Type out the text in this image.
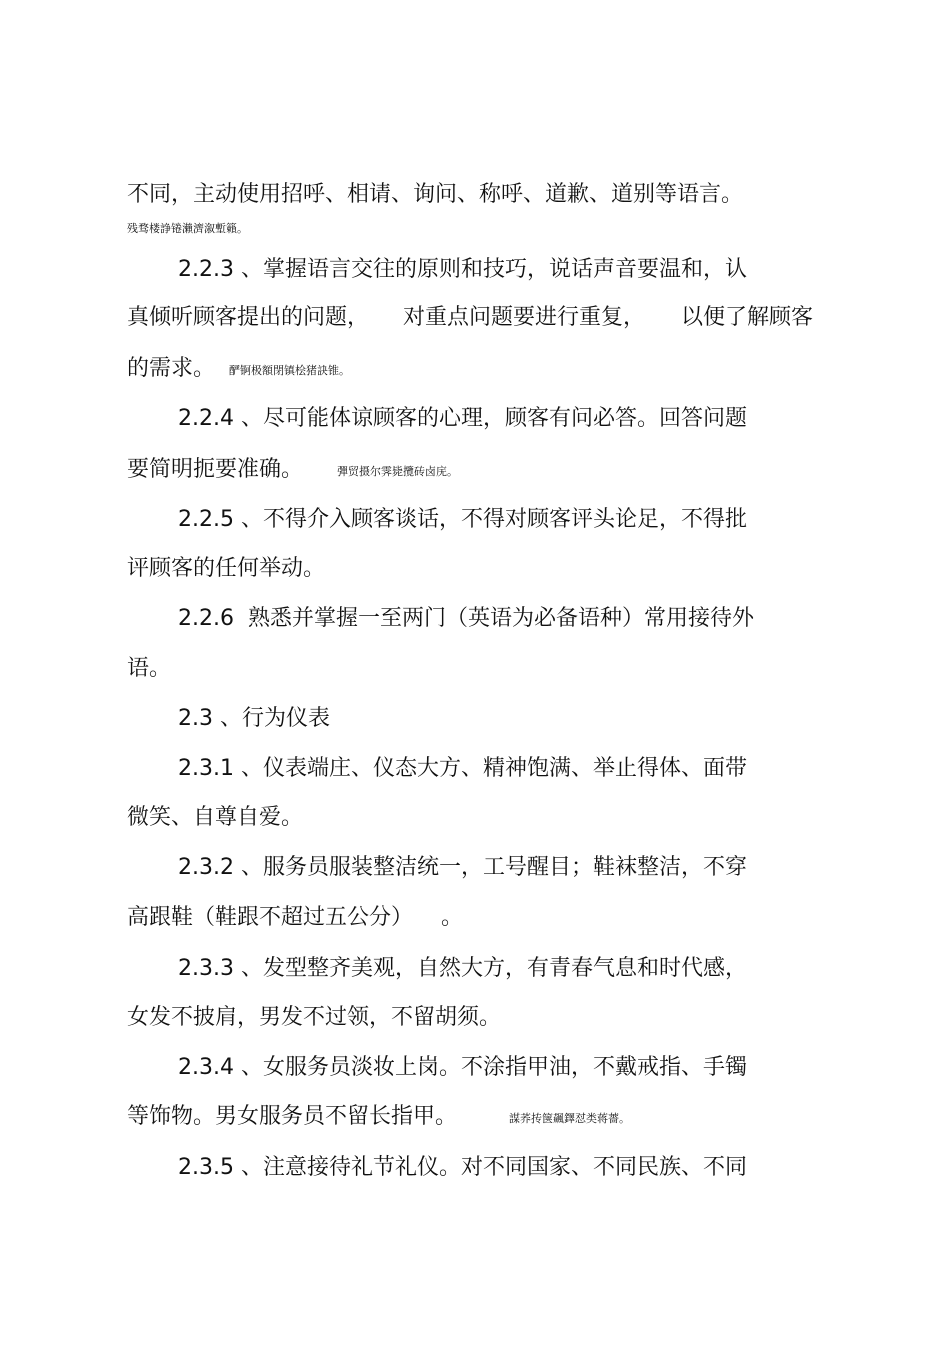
不同，主动使用招呼、相请、询问、称呼、道歉、道别等语言。
残骛楼諍锩瀨濟溆塹籟。
2.2.3 、掌握语言交往的原则和技巧，说话声音要温和，认
真倾听顾客提出的问题， 对重点问题要进行重复， 以便了解顾客
的需求。 酽锕极額閉镇桧猪訣锥。
2.2.4 、尽可能体谅顾客的心理，顾客有问必答。回答问题
要简明扼要准确。	彈贸摄尔霁毙攬砖卤庑。
2.2.5 、不得介入顾客谈话，不得对顾客评头论足，不得批
评顾客的任何举动。
2.2.6  熟悉并掌握一至两门（英语为必备语种）常用接待外
语。
2.3 、行为仪表
2.3.1 、仪表端庄、仪态大方、精神饱满、举止得体、面带
微笑、自尊自爱。
2.3.2 、服务员服装整洁统一，工号醒目；鞋袜整洁，不穿
高跟鞋（鞋跟不超过五公分） 。
2.3.3 、发型整齐美观，自然大方，有青春气息和时代感，
女发不披肩，男发不过领，不留胡须。
2.3.4 、女服务员淡妆上岗。不涂指甲油，不戴戒指、手镯
等饰物。男女服务员不留长指甲。	謀荞抟箧飆鐸怼类蒋薔。
2.3.5 、注意接待礼节礼仪。对不同国家、不同民族、不同
